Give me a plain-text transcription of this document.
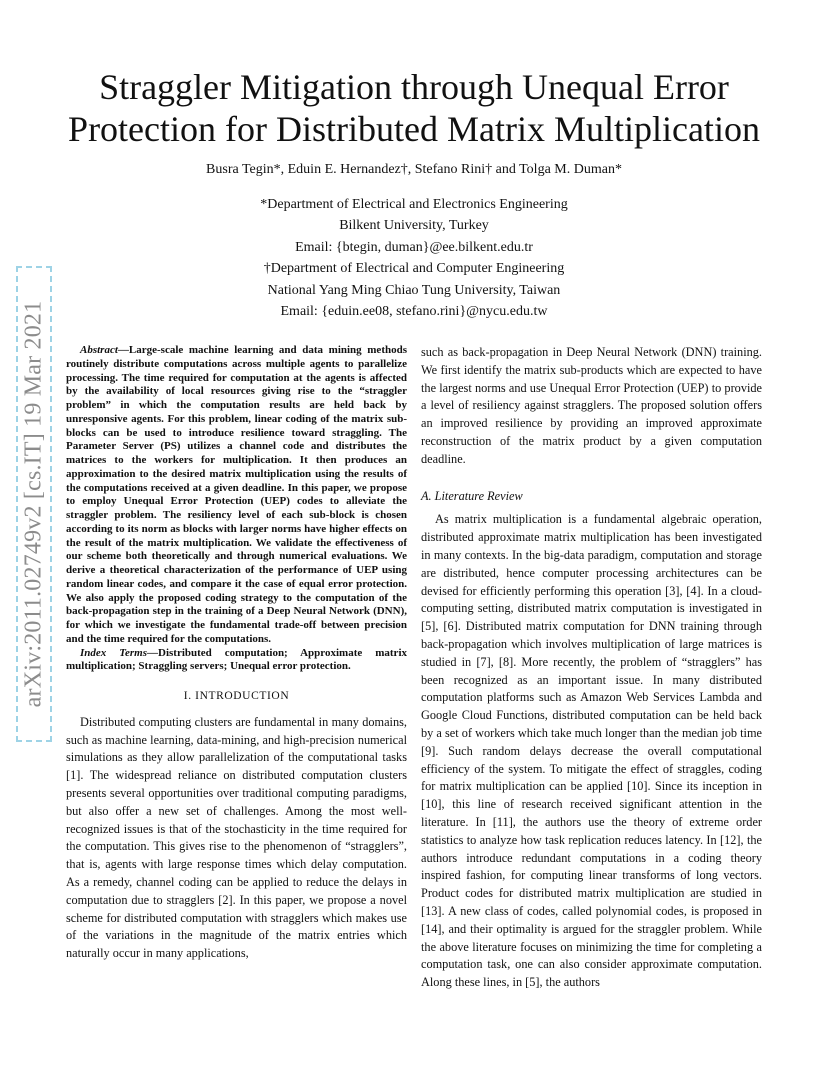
Straggler Mitigation through Unequal Error
Protection for Distributed Matrix Multiplication
Busra Tegin*, Eduin E. Hernandez†, Stefano Rini† and Tolga M. Duman*
*Department of Electrical and Electronics Engineering
Bilkent University, Turkey
Email: {btegin, duman}@ee.bilkent.edu.tr
†Department of Electrical and Computer Engineering
National Yang Ming Chiao Tung University, Taiwan
Email: {eduin.ee08, stefano.rini}@nycu.edu.tw
arXiv:2011.02749v2 [cs.IT] 19 Mar 2021	Abstract—Large-scale machine learning and data mining methods routinely distribute computations across multiple agents to parallelize processing. The time required for computation at the agents is affected by the availability of local resources giving rise to the “straggler problem” in which the computation results are held back by unresponsive agents. For this problem, linear coding of the matrix sub-blocks can be used to introduce resilience toward straggling. The Parameter Server (PS) utilizes a channel code and distributes the matrices to the workers for multiplication. It then produces an approximation to the desired matrix multiplication using the results of the computations received at a given deadline. In this paper, we propose to employ Unequal Error Protection (UEP) codes to alleviate the straggler problem. The resiliency level of each sub-block is chosen according to its norm as blocks with larger norms have higher effects on the result of the matrix multiplication. We validate the effectiveness of our scheme both theoretically and through numerical evaluations. We derive a theoretical characterization of the performance of UEP using random linear codes, and compare it the case of equal error protection. We also apply the proposed coding strategy to the computation of the back-propagation step in the training of a Deep Neural Network (DNN), for which we investigate the fundamental trade-off between precision and the time required for the computations.

Index Terms—Distributed computation; Approximate matrix multiplication; Straggling servers; Unequal error protection.

I. INTRODUCTION

Distributed computing clusters are fundamental in many domains, such as machine learning, data-mining, and high-precision numerical simulations as they allow parallelization of the computational tasks [1]. The widespread reliance on distributed computation clusters presents several opportunities over traditional computing paradigms, but also offer a new set of challenges. Among the most well-recognized issues is that of the stochasticity in the time required for the computation. This gives rise to the phenomenon of “stragglers”, that is, agents with large response times which delay computation. As a remedy, channel coding can be applied to reduce the delays in computation due to stragglers [2]. In this paper, we propose a novel scheme for distributed computation with stragglers which makes use of the variations in the magnitude of the matrix entries which naturally occur in many applications,

such as back-propagation in Deep Neural Network (DNN) training. We first identify the matrix sub-products which are expected to have the largest norms and use Unequal Error Protection (UEP) to provide a level of resiliency against stragglers. The proposed solution offers an improved resilience by providing an improved approximate reconstruction of the matrix product by a given computation deadline.

A. Literature Review

As matrix multiplication is a fundamental algebraic operation, distributed approximate matrix multiplication has been investigated in many contexts. In the big-data paradigm, computation and storage are distributed, hence computer processing architectures can be devised for efficiently performing this operation [3], [4]. In a cloud-computing setting, distributed matrix computation is investigated in [5], [6]. Distributed matrix computation for DNN training through back-propagation which involves multiplication of large matrices is studied in [7], [8]. More recently, the problem of “stragglers” has been recognized as an important issue. In many distributed computation platforms such as Amazon Web Services Lambda and Google Cloud Functions, distributed computation can be held back by a set of workers which take much longer than the median job time [9]. Such random delays decrease the overall computational efficiency of the system. To mitigate the effect of straggles, coding for matrix multiplication can be applied [10]. Since its inception in [10], this line of research received significant attention in the literature. In [11], the authors use the theory of extreme order statistics to analyze how task replication reduces latency. In [12], the authors introduce redundant computations in a coding theory inspired fashion, for computing linear transforms of long vectors. Product codes for distributed matrix multiplication are studied in [13]. A new class of codes, called polynomial codes, is proposed in [14], and their optimality is argued for the straggler problem. While the above literature focuses on minimizing the time for completing a computation task, one can also consider approximate computation. Along these lines, in [5], the authors
